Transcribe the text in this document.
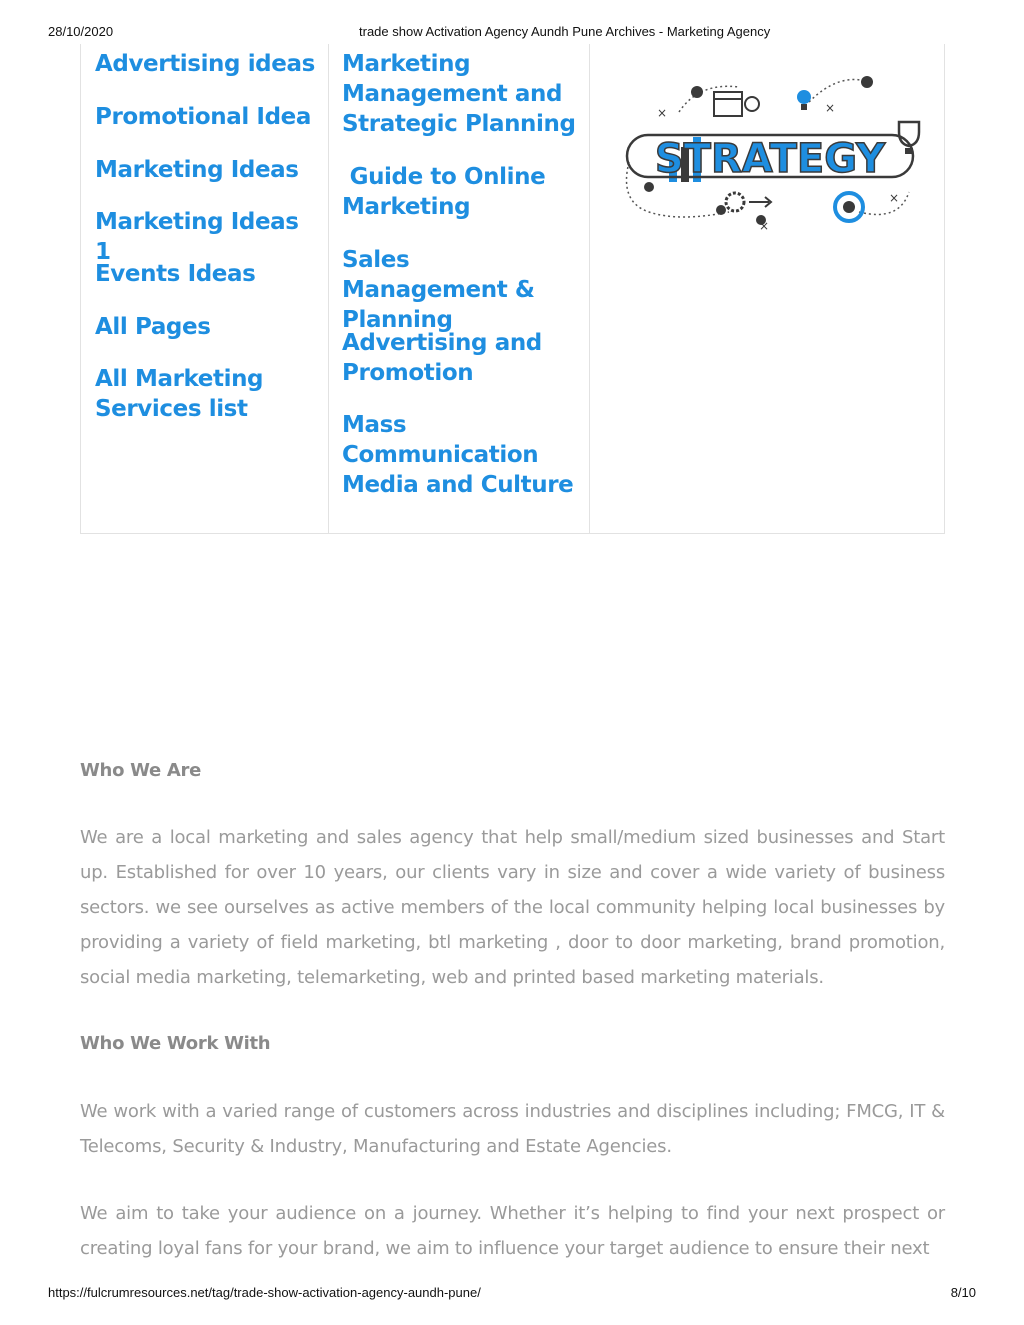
28/10/2020	trade show Activation Agency Aundh Pune Archives - Marketing Agency
Advertising ideas
Promotional Idea
Marketing Ideas
Marketing Ideas 1
Events Ideas
All Pages
All Marketing Services list
Marketing Management and Strategic Planning
Guide to Online Marketing
Sales Management & Planning
Advertising and Promotion
Mass Communication Media and Culture
×	×
×
×
STRATEGY
Who We Are

We are a local marketing and sales agency that help small/medium sized businesses and Start up. Established for over 10 years, our clients vary in size and cover a wide variety of business sectors. we see ourselves as active members of the local community helping local businesses by providing a variety of field marketing, btl marketing , door to door marketing, brand promotion, social media marketing, telemarketing, web and printed based marketing materials.

Who We Work With

We work with a varied range of customers across industries and disciplines including; FMCG, IT & Telecoms, Security & Industry, Manufacturing and Estate Agencies.

We aim to take your audience on a journey. Whether it’s helping to find your next prospect or creating loyal fans for your brand, we aim to influence your target audience to ensure their next

https://fulcrumresources.net/tag/trade-show-activation-agency-aundh-pune/	8/10
